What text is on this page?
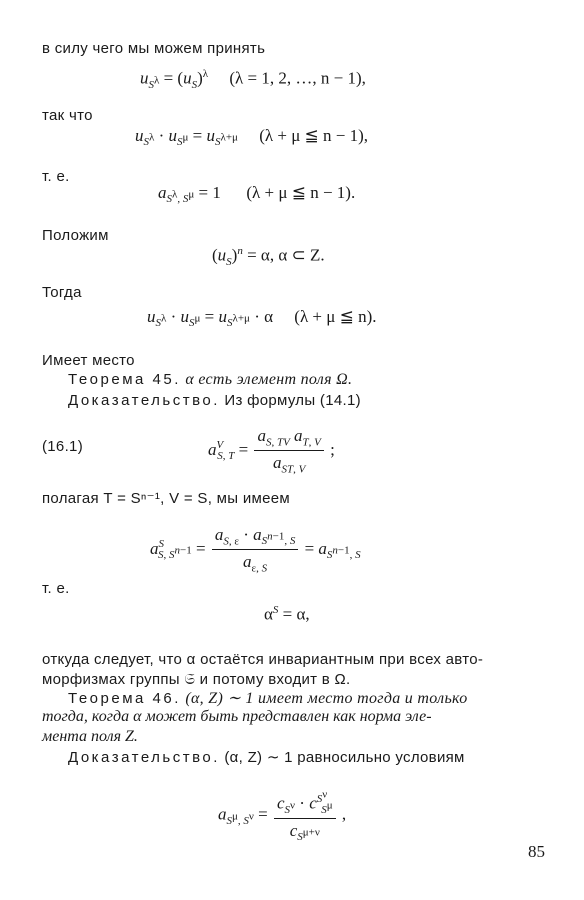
в силу чего мы можем принять
$u_{S^\lambda} = (u_S)^\lambda$ (λ = 1, 2, …, n − 1),
так что
$u_{S^\lambda} \cdot u_{S^\mu} = u_{S^{\lambda+\mu}}$ (λ + μ ≦ n − 1),
т. е.
$a_{S^\lambda, S^\mu} = 1$      (λ + μ ≦ n − 1).
Положим
$(u_S)^n = \alpha$, α ⊂ Z.
Тогда
$u_{S^\lambda} \cdot u_{S^\mu} = u_{S^{\lambda+\mu}} \cdot \alpha$     (λ + μ ≦ n).
Имеет место
Теорема 45. α есть элемент поля Ω.
Доказательство. Из формулы (14.1)
(16.1)	$a^V_{S, T} = \frac{a_{S, TV} a_{T, V}}{a_{ST, V}}$ ;
полагая T = Sⁿ⁻¹, V = S, мы имеем
$a^S_{S, S^{n-1}} = \frac{a_{S, \varepsilon} \cdot a_{S^{n-1}, S}}{a_{\varepsilon, S}} = a_{S^{n-1}, S}$
т. е.
$\alpha^S = \alpha$,
откуда следует, что α остаётся инвариантным при всех авто-
морфизмах группы 𝔖 и потому входит в Ω.
Теорема 46. (α, Z) ∼ 1 имеет место тогда и только
тогда, когда α может быть представлен как норма эле-
мента поля Z.
Доказательство. (α, Z) ∼ 1 равносильно условиям
$a_{S^\mu, S^\nu} = \frac{c_{S^\nu} \cdot c^{S^\nu}_{S^\mu}}{c_{S^{\mu+\nu}}}$ ,
85
